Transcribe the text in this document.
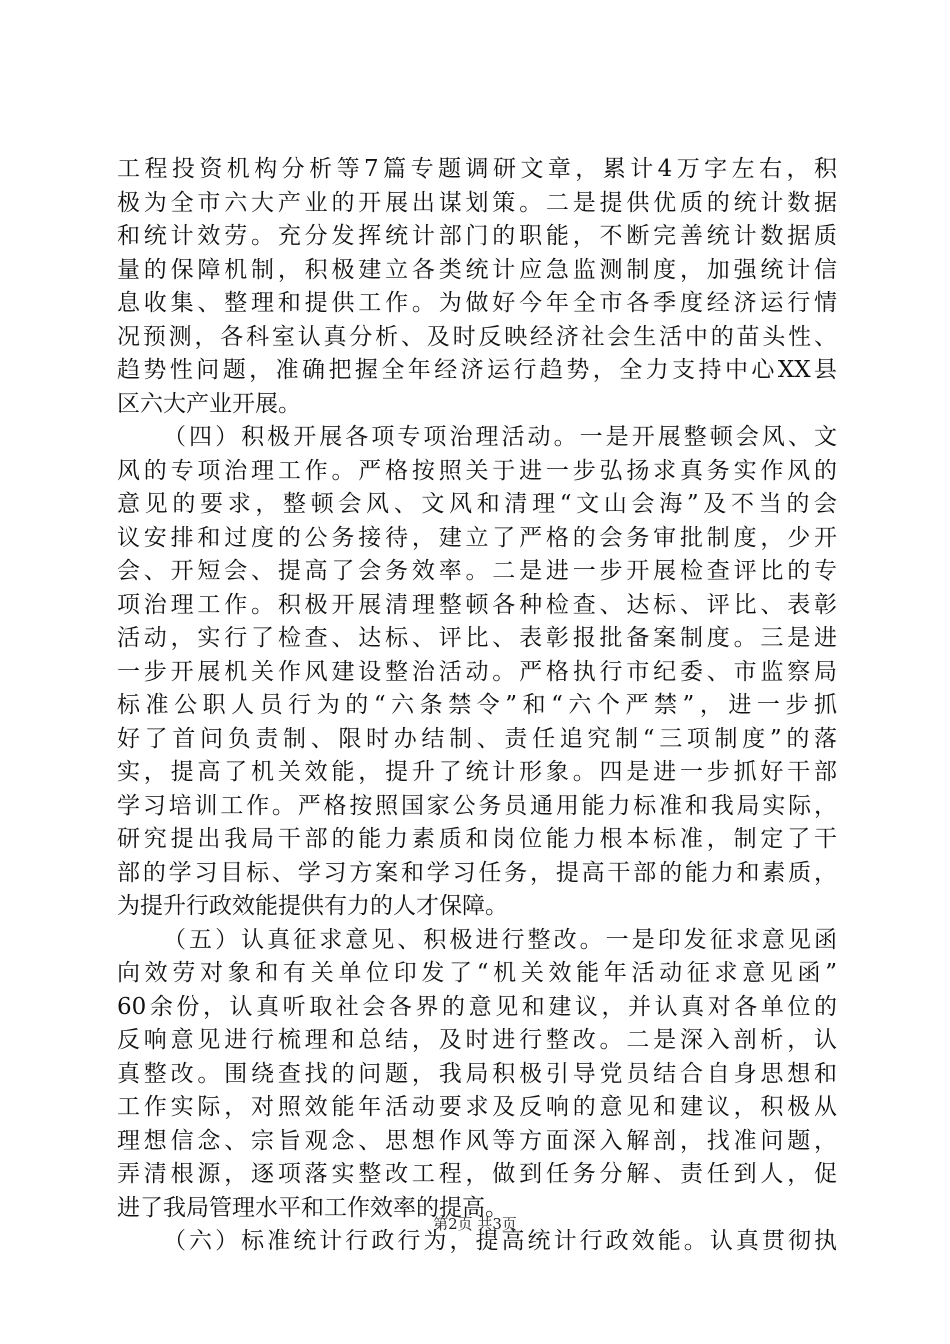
工程投资机构分析等7篇专题调研文章，累计4万字左右，积
极为全市六大产业的开展出谋划策。二是提供优质的统计数据
和统计效劳。充分发挥统计部门的职能，不断完善统计数据质
量的保障机制，积极建立各类统计应急监测制度，加强统计信
息收集、整理和提供工作。为做好今年全市各季度经济运行情
况预测，各科室认真分析、及时反映经济社会生活中的苗头性、
趋势性问题，准确把握全年经济运行趋势，全力支持中心XX县
区六大产业开展。
（四）积极开展各项专项治理活动。一是开展整顿会风、文
风的专项治理工作。严格按照关于进一步弘扬求真务实作风的
意见的要求，整顿会风、文风和清理“文山会海”及不当的会
议安排和过度的公务接待，建立了严格的会务审批制度，少开
会、开短会、提高了会务效率。二是进一步开展检查评比的专
项治理工作。积极开展清理整顿各种检查、达标、评比、表彰
活动，实行了检查、达标、评比、表彰报批备案制度。三是进
一步开展机关作风建设整治活动。严格执行市纪委、市监察局
标准公职人员行为的“六条禁令”和“六个严禁”，进一步抓
好了首问负责制、限时办结制、责任追究制“三项制度”的落
实，提高了机关效能，提升了统计形象。四是进一步抓好干部
学习培训工作。严格按照国家公务员通用能力标准和我局实际，
研究提出我局干部的能力素质和岗位能力根本标准，制定了干
部的学习目标、学习方案和学习任务，提高干部的能力和素质，
为提升行政效能提供有力的人才保障。
（五）认真征求意见、积极进行整改。一是印发征求意见函
向效劳对象和有关单位印发了“机关效能年活动征求意见函”
60余份，认真听取社会各界的意见和建议，并认真对各单位的
反响意见进行梳理和总结，及时进行整改。二是深入剖析，认
真整改。围绕查找的问题，我局积极引导党员结合自身思想和
工作实际，对照效能年活动要求及反响的意见和建议，积极从
理想信念、宗旨观念、思想作风等方面深入解剖，找准问题，
弄清根源，逐项落实整改工程，做到任务分解、责任到人，促
进了我局管理水平和工作效率的提高。
（六）标准统计行政行为，提高统计行政效能。认真贯彻执
第2页 共3页
